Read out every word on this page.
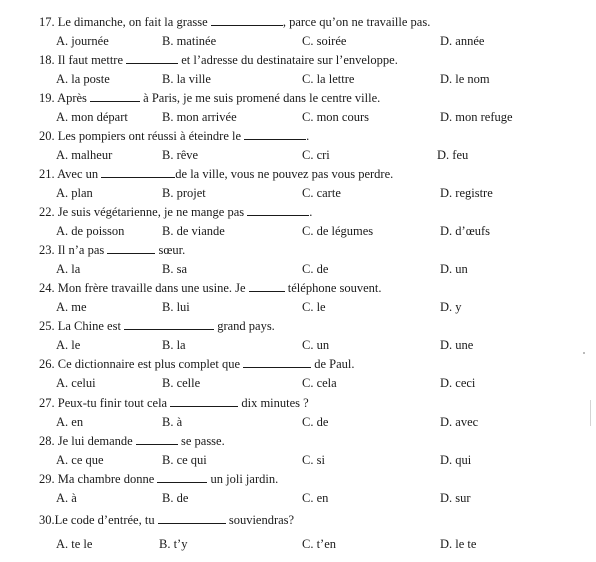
17. Le dimanche, on fait la grasse	, parce qu’on ne travaille pas.
A. journée	B. matinée	C. soirée	D. année
18. Il faut mettre	et l’adresse du destinataire sur l’enveloppe.
A. la poste	B. la ville	C. la lettre	D. le nom
19. Après	à Paris, je me suis promené dans le centre ville.
A. mon départ	B. mon arrivée	C. mon cours	D. mon refuge
20. Les pompiers ont réussi à éteindre le	.
A. malheur	B. rêve	C. cri	D. feu
21. Avec un	de la ville, vous ne pouvez pas vous perdre.
A. plan	B. projet	C. carte	D. registre
22. Je suis végétarienne, je ne mange pas	.
A. de poisson	B. de viande	C. de légumes	D. d’œufs
23. Il n’a pas	sœur.
A. la	B. sa	C. de	D. un
24. Mon frère travaille dans une usine. Je	téléphone souvent.
A. me	B. lui	C. le	D. y
25. La Chine est	grand pays.
A. le	B. la	C. un	D. une
26. Ce dictionnaire est plus complet que	de Paul.
A. celui	B. celle	C. cela	D. ceci
27. Peux-tu finir tout cela	dix minutes ?
A. en	B. à	C. de	D. avec
28. Je lui demande	se passe.
A. ce que	B. ce qui	C. si	D. qui
29. Ma chambre donne	un joli jardin.
A. à	B. de	C. en	D. sur
30.Le code d’entrée, tu	souviendras?
A. te le	B. t’y	C. t’en	D. le te
